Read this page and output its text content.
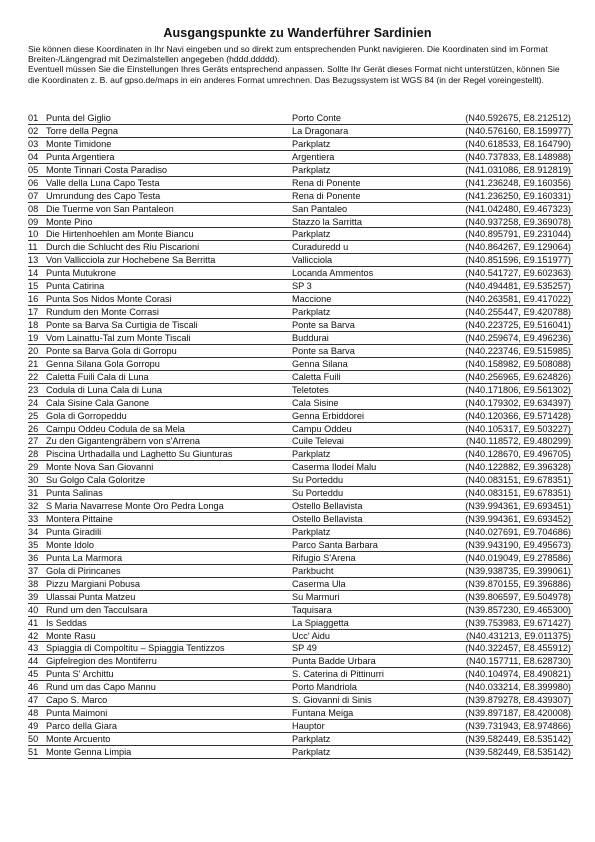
Ausgangspunkte zu Wanderführer Sardinien

Sie können diese Koordinaten in Ihr Navi eingeben und so direkt zum entsprechenden Punkt navigieren. Die Koordinaten sind im Format Breiten-/Längengrad mit Dezimalstellen angegeben (hddd.ddddd).

Eventuell müssen Sie die Einstellungen Ihres Geräts entsprechend anpassen. Sollte Ihr Gerät dieses Format nicht unterstützen, können Sie die Koordinaten z. B. auf gpso.de/maps in ein anderes Format umrechnen. Das Bezugssystem ist WGS 84 (in der Regel voreingestellt).

01 Punta del Giglio	Porto Conte	(N40.592675, E8.212512)
02 Torre della Pegna	La Dragonara	(N40.576160, E8.159977)
03 Monte Timidone	Parkplatz	(N40.618533, E8.164790)
04 Punta Argentiera	Argentiera	(N40.737833, E8.148988)
05 Monte Tinnari Costa Paradiso	Parkplatz	(N41.031086, E8.912819)
06 Valle della Luna Capo Testa	Rena di Ponente	(N41.236248, E9.160356)
07 Umrundung des Capo Testa	Rena di Ponente	(N41.236250, E9.160331)
08 Die Tuerme von San Pantaleon	San Pantaleo	(N41.042480, E9.467323)
09 Monte Pino	Stazzo la Sarritta	(N40.937258, E9.369078)
10 Die Hirtenhoehlen am Monte Biancu	Parkplatz	(N40.895791, E9.231044)
11 Durch die Schlucht des Riu Piscarioni	Curaduredd u	(N40.864267, E9.129064)
13 Von Vallicciola zur Hochebene Sa Berritta	Vallicciola	(N40.851596, E9.151977)
14 Punta Mutukrone	Locanda Ammentos	(N40.541727, E9.602363)
15 Punta Catirina	SP 3	(N40.494481, E9.535257)
16 Punta Sos Nidos Monte Corasi	Maccione	(N40.263581, E9.417022)
17 Rundum den Monte Corrasi	Parkplatz	(N40.255447, E9.420788)
18 Ponte sa Barva Sa Curtigia de Tiscali	Ponte sa Barva	(N40.223725, E9.516041)
19 Vom Lainattu-Tal zum Monte Tiscali	Buddurai	(N40.259674, E9.496236)
20 Ponte sa Barva Gola di Gorropu	Ponte sa Barva	(N40.223746, E9.515985)
21 Genna Silana Gola Gorropu	Genna Silana	(N40.158982, E9.508088)
22 Caletta Fuili Cala di Luna	Caletta Fuili	(N40.256965, E9.624826)
23 Codula di Luna Cala di Luna	Teletotes	(N40.171806, E9.561302)
24 Cala Sisine Cala Ganone	Cala Sisine	(N40.179302, E9.634397)
25 Gola di Gorropeddu	Genna Erbiddorei	(N40.120366, E9.571428)
26 Campu Oddeu Codula de sa Mela	Campu Oddeu	(N40.105317, E9.503227)
27 Zu den Gigantengräbern von s'Arrena	Cuile Televai	(N40.118572, E9.480299)
28 Piscina Urthadalla und Laghetto Su Giunturas	Parkplatz	(N40.128670, E9.496705)
29 Monte Nova San Giovanni	Caserma Ilodei Malu	(N40.122882, E9.396328)
30 Su Golgo Cala Goloritze	Su Porteddu	(N40.083151, E9.678351)
31 Punta Salinas	Su Porteddu	(N40.083151, E9.678351)
32 S Maria Navarrese Monte Oro Pedra Longa	Ostello Bellavista	(N39.994361, E9.693451)
33 Montera Pittaine	Ostello Bellavista	(N39.994361, E9.693452)
34 Punta Giradili	Parkplatz	(N40.027691, E9.704686)
35 Monte Idolo	Parco Santa Barbara	(N39.943190, E9.495673)
36 Punta La Marmora	Rifugio S'Arena	(N40.019049, E9.278586)
37 Gola di Pirincanes	Parkbucht	(N39.938735, E9.399061)
38 Pizzu Margiani Pobusa	Caserma Ula	(N39.870155, E9.396886)
39 Ulassai Punta Matzeu	Su Marmuri	(N39.806597, E9.504978)
40 Rund um den Tacculsara	Taquisara	(N39.857230, E9.465300)
41 Is Seddas	La Spiaggetta	(N39.753983, E9.671427)
42 Monte Rasu	Ucc' Aidu	(N40.431213, E9.011375)
43 Spiaggia di Compoltitu – Spiaggia Tentizzos	SP 49	(N40.322457, E8.455912)
44 Gipfelregion des Montiferru	Punta Badde Urbara	(N40.157711, E8.628730)
45 Punta S' Archittu	S. Caterina di Pittinurri	(N40.104974, E8.490821)
46 Rund um das Capo Mannu	Porto Mandriola	(N40.033214, E8.399980)
47 Capo S. Marco	S. Giovanni di Sinis	(N39.879278, E8.439307)
48 Punta Maimoni	Funtana Meiga	(N39.897187, E8.420008)
49 Parco della Giara	Hauptor	(N39.731943, E8.974866)
50 Monte Arcuento	Parkplatz	(N39.582449, E8.535142)
51 Monte Genna Limpia	Parkplatz	(N39.582449, E8.535142)
